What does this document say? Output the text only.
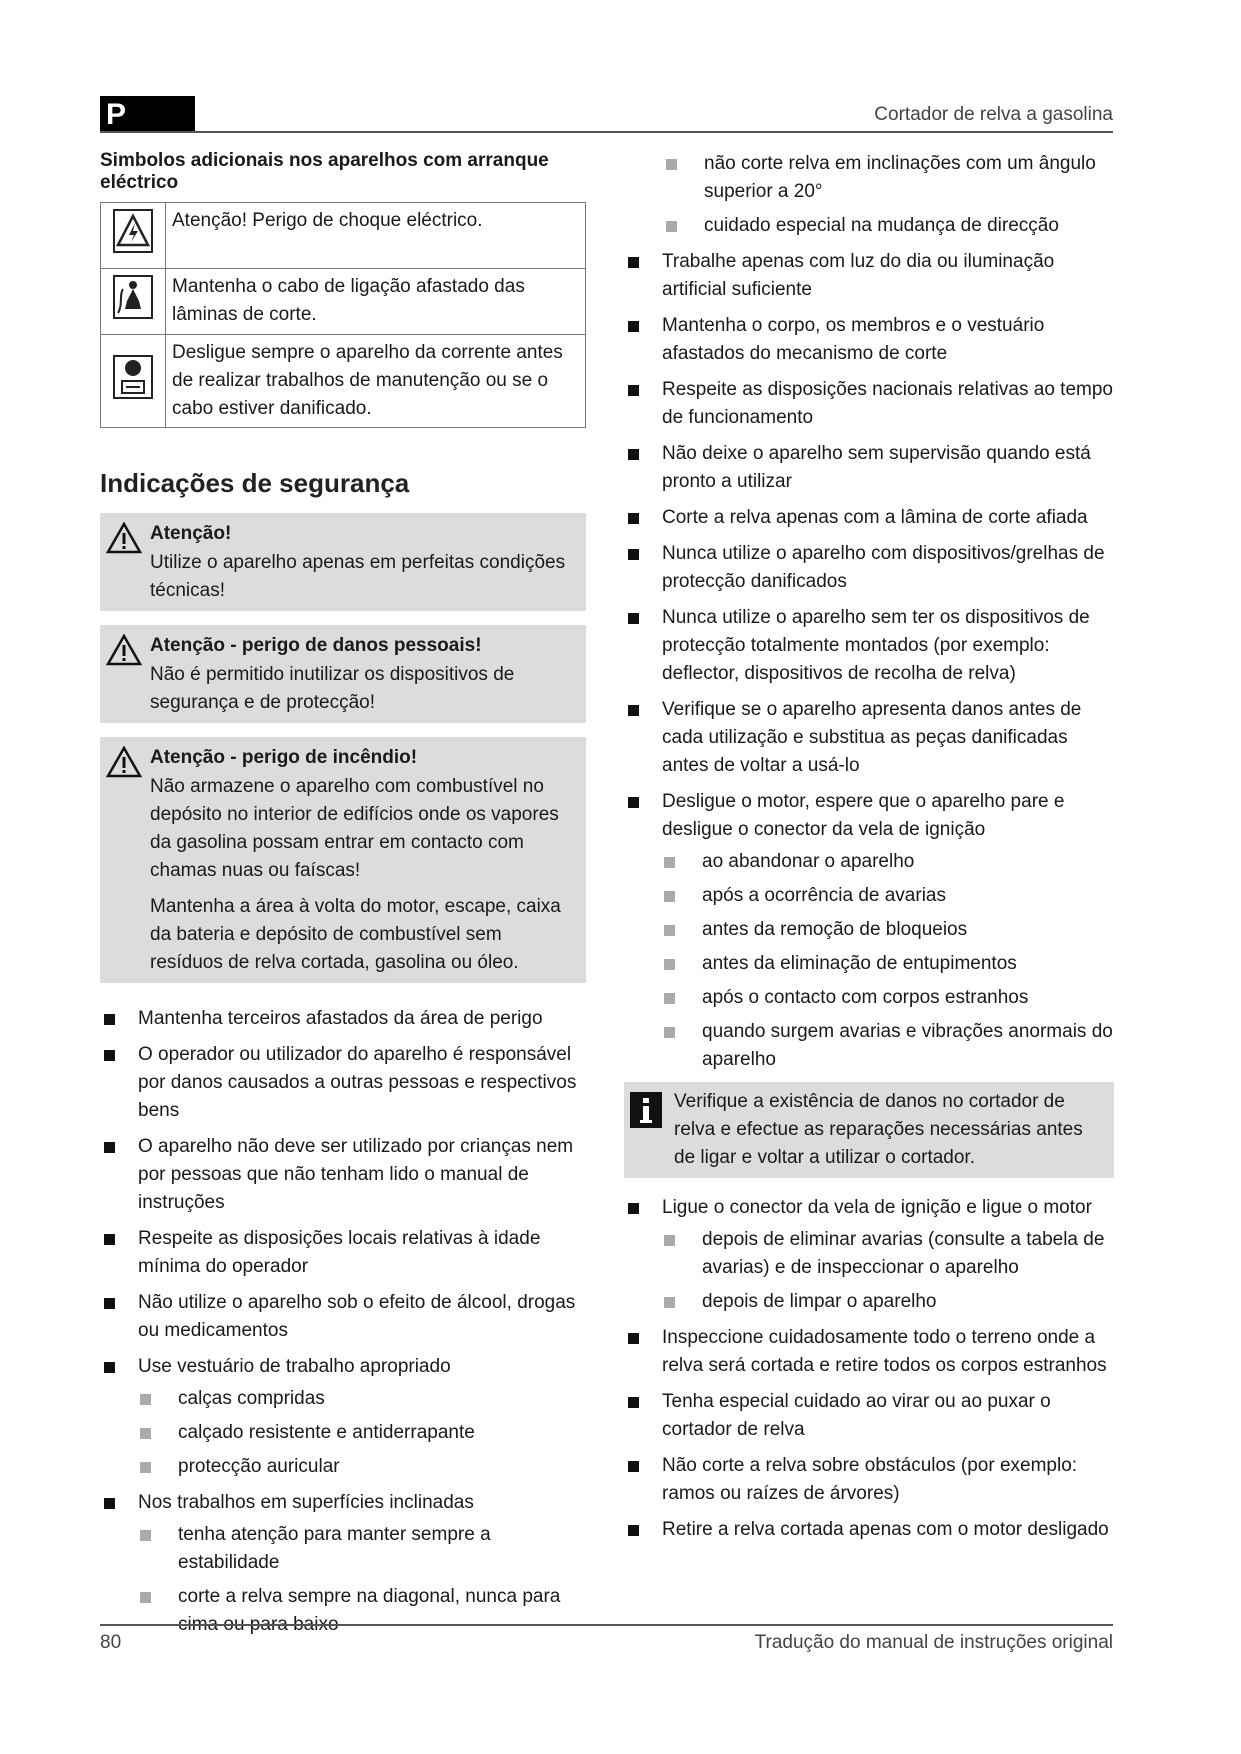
P	Cortador de relva a gasolina
Simbolos adicionais nos aparelhos com arranque eléctrico
	Atenção! Perigo de choque eléctrico.
	Mantenha o cabo de ligação afastado das lâminas de corte.
	Desligue sempre o aparelho da corrente antes de realizar trabalhos de manutenção ou se o cabo estiver danificado.
Indicações de segurança
Atenção!
Utilize o aparelho apenas em perfeitas condições técnicas!
Atenção - perigo de danos pessoais!
Não é permitido inutilizar os dispositivos de segurança e de protecção!
Atenção - perigo de incêndio!
Não armazene o aparelho com combustível no depósito no interior de edifícios onde os vapores da gasolina possam entrar em contacto com chamas nuas ou faíscas!
Mantenha a área à volta do motor, escape, caixa da bateria e depósito de combustível sem resíduos de relva cortada, gasolina ou óleo.
Mantenha terceiros afastados da área de perigo
O operador ou utilizador do aparelho é responsável por danos causados a outras pessoas e respectivos bens
O aparelho não deve ser utilizado por crianças nem por pessoas que não tenham lido o manual de instruções
Respeite as disposições locais relativas à idade mínima do operador
Não utilize o aparelho sob o efeito de álcool, drogas ou medicamentos
Use vestuário de trabalho apropriado
calças compridas
calçado resistente e antiderrapante
protecção auricular
Nos trabalhos em superfícies inclinadas
tenha atenção para manter sempre a estabilidade
corte a relva sempre na diagonal, nunca para cima ou para baixo
não corte relva em inclinações com um ângulo superior a 20°
cuidado especial na mudança de direcção
Trabalhe apenas com luz do dia ou iluminação artificial suficiente
Mantenha o corpo, os membros e o vestuário afastados do mecanismo de corte
Respeite as disposições nacionais relativas ao tempo de funcionamento
Não deixe o aparelho sem supervisão quando está pronto a utilizar
Corte a relva apenas com a lâmina de corte afiada
Nunca utilize o aparelho com dispositivos/grelhas de protecção danificados
Nunca utilize o aparelho sem ter os dispositivos de protecção totalmente montados (por exemplo: deflector, dispositivos de recolha de relva)
Verifique se o aparelho apresenta danos antes de cada utilização e substitua as peças danificadas antes de voltar a usá-lo
Desligue o motor, espere que o aparelho pare e desligue o conector da vela de ignição
ao abandonar o aparelho
após a ocorrência de avarias
antes da remoção de bloqueios
antes da eliminação de entupimentos
após o contacto com corpos estranhos
quando surgem avarias e vibrações anormais do aparelho
Verifique a existência de danos no cortador de relva e efectue as reparações necessárias antes de ligar e voltar a utilizar o cortador.
Ligue o conector da vela de ignição e ligue o motor
depois de eliminar avarias (consulte a tabela de avarias) e de inspeccionar o aparelho
depois de limpar o aparelho
Inspeccione cuidadosamente todo o terreno onde a relva será cortada e retire todos os corpos estranhos
Tenha especial cuidado ao virar ou ao puxar o cortador de relva
Não corte a relva sobre obstáculos (por exemplo: ramos ou raízes de árvores)
Retire a relva cortada apenas com o motor desligado
80	Tradução do manual de instruções original
